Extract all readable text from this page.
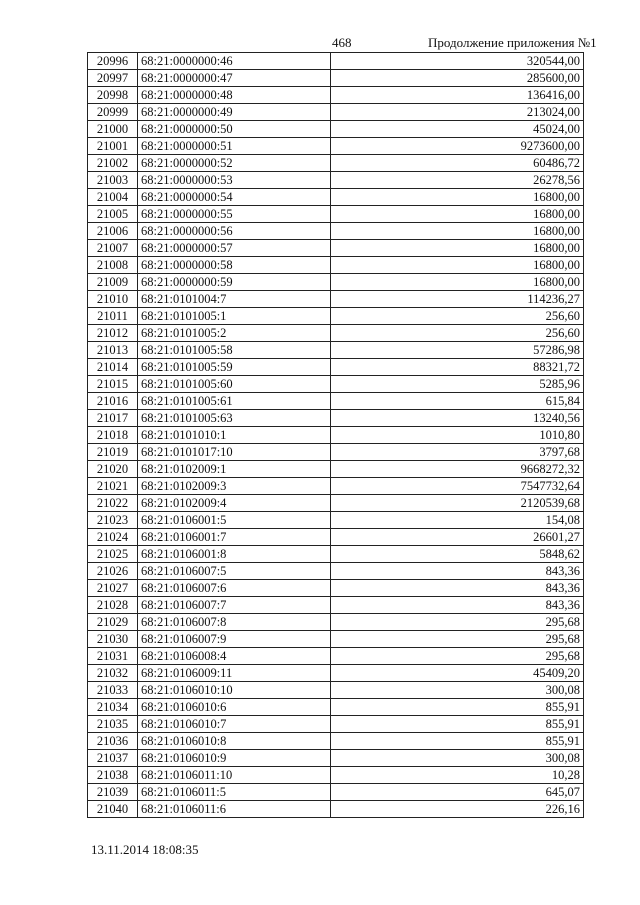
468	Продолжение приложения №1
20996	68:21:0000000:46	320544,00
20997	68:21:0000000:47	285600,00
20998	68:21:0000000:48	136416,00
20999	68:21:0000000:49	213024,00
21000	68:21:0000000:50	45024,00
21001	68:21:0000000:51	9273600,00
21002	68:21:0000000:52	60486,72
21003	68:21:0000000:53	26278,56
21004	68:21:0000000:54	16800,00
21005	68:21:0000000:55	16800,00
21006	68:21:0000000:56	16800,00
21007	68:21:0000000:57	16800,00
21008	68:21:0000000:58	16800,00
21009	68:21:0000000:59	16800,00
21010	68:21:0101004:7	114236,27
21011	68:21:0101005:1	256,60
21012	68:21:0101005:2	256,60
21013	68:21:0101005:58	57286,98
21014	68:21:0101005:59	88321,72
21015	68:21:0101005:60	5285,96
21016	68:21:0101005:61	615,84
21017	68:21:0101005:63	13240,56
21018	68:21:0101010:1	1010,80
21019	68:21:0101017:10	3797,68
21020	68:21:0102009:1	9668272,32
21021	68:21:0102009:3	7547732,64
21022	68:21:0102009:4	2120539,68
21023	68:21:0106001:5	154,08
21024	68:21:0106001:7	26601,27
21025	68:21:0106001:8	5848,62
21026	68:21:0106007:5	843,36
21027	68:21:0106007:6	843,36
21028	68:21:0106007:7	843,36
21029	68:21:0106007:8	295,68
21030	68:21:0106007:9	295,68
21031	68:21:0106008:4	295,68
21032	68:21:0106009:11	45409,20
21033	68:21:0106010:10	300,08
21034	68:21:0106010:6	855,91
21035	68:21:0106010:7	855,91
21036	68:21:0106010:8	855,91
21037	68:21:0106010:9	300,08
21038	68:21:0106011:10	10,28
21039	68:21:0106011:5	645,07
21040	68:21:0106011:6	226,16
13.11.2014 18:08:35
